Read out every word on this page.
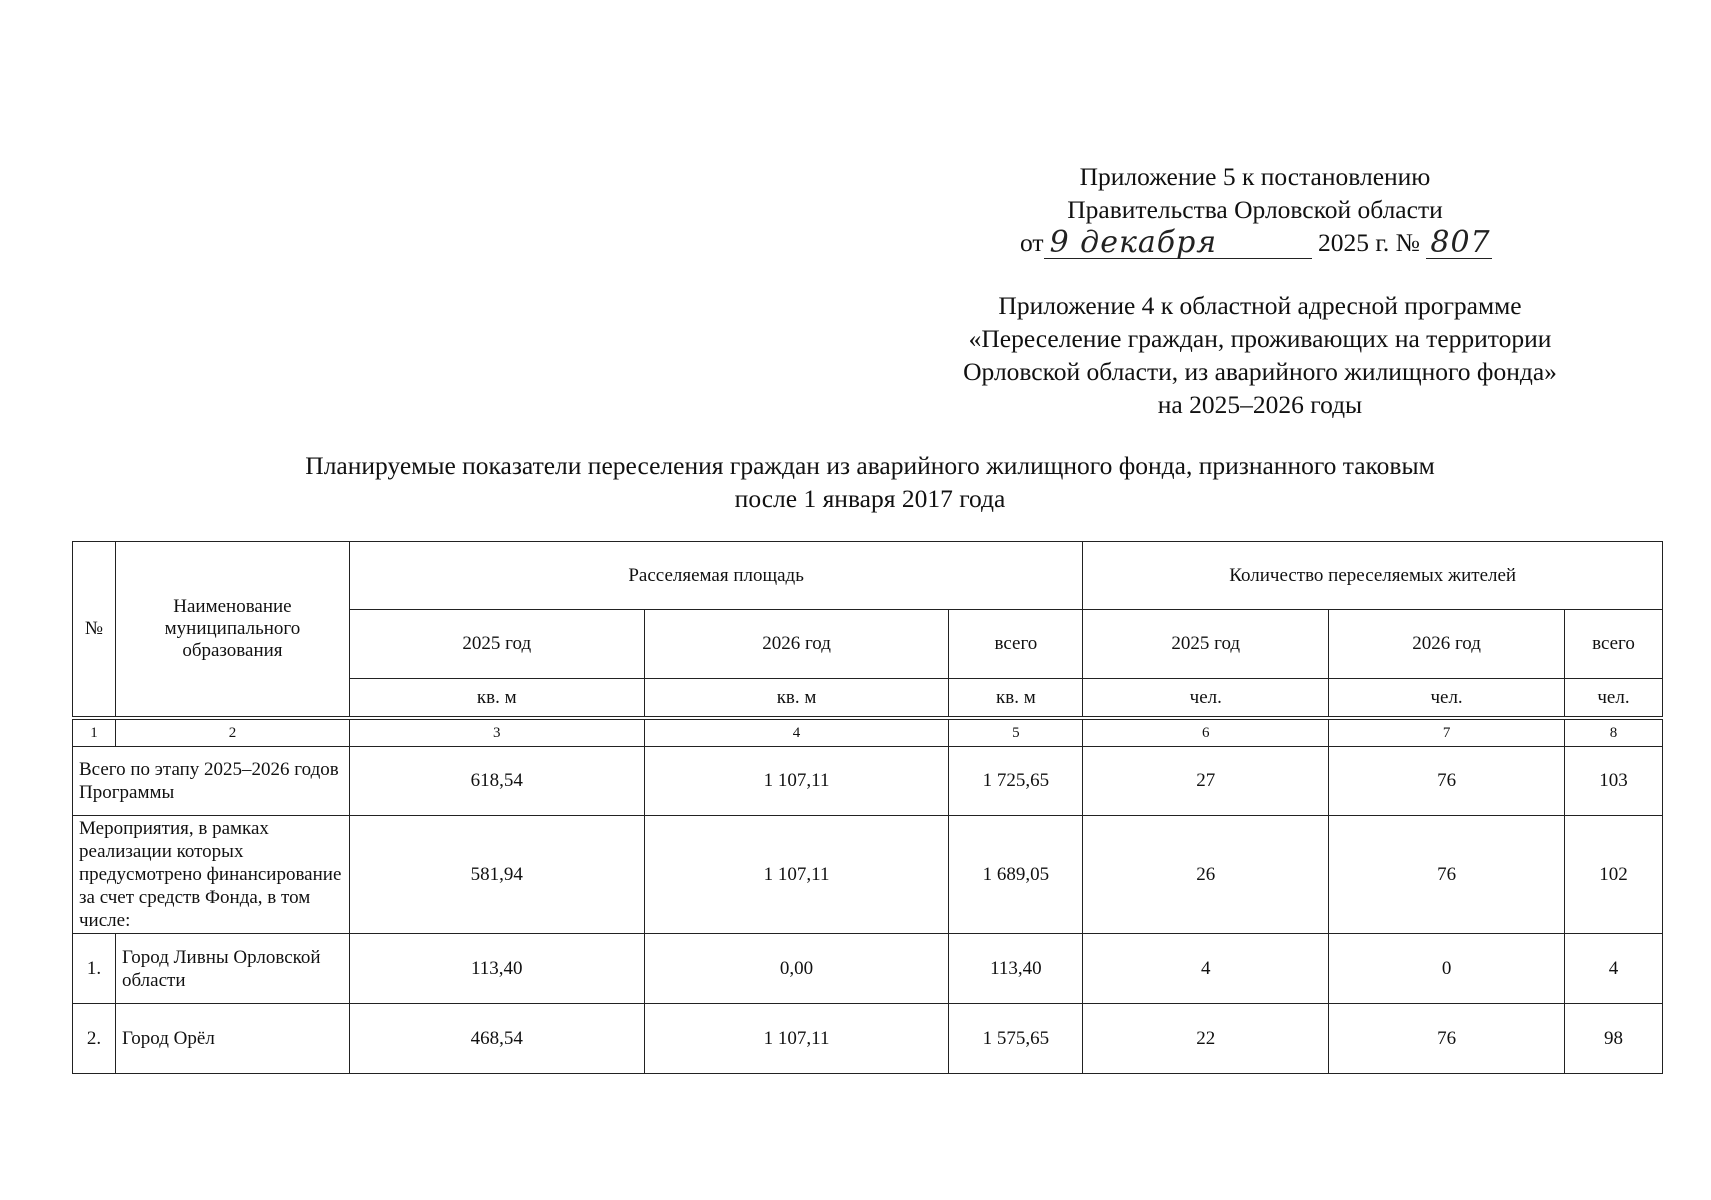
Приложение 5 к постановлению
Правительства Орловской области
от 9 декабря	2025 г. № 807
Приложение 4 к областной адресной программе
«Переселение граждан, проживающих на территории
Орловской области, из аварийного жилищного фонда»
на 2025–2026 годы
Планируемые показатели переселения граждан из аварийного жилищного фонда, признанного таковым
после 1 января 2017 года
№	Наименование муниципального образования	Расселяемая площадь			Количество переселяемых жителей		
		2025 год	2026 год	всего	2025 год	2026 год	всего
		кв. м	кв. м	кв. м	чел.	чел.	чел.
1	2	3	4	5	6	7	8
Всего по этапу 2025–2026 годов Программы		618,54	1 107,11	1 725,65	27	76	103
Мероприятия, в рамках реализации которых предусмотрено финансирование за счет средств Фонда, в том числе:		581,94	1 107,11	1 689,05	26	76	102
1.	Город Ливны Орловской области	113,40	0,00	113,40	4	0	4
2.	Город Орёл	468,54	1 107,11	1 575,65	22	76	98
